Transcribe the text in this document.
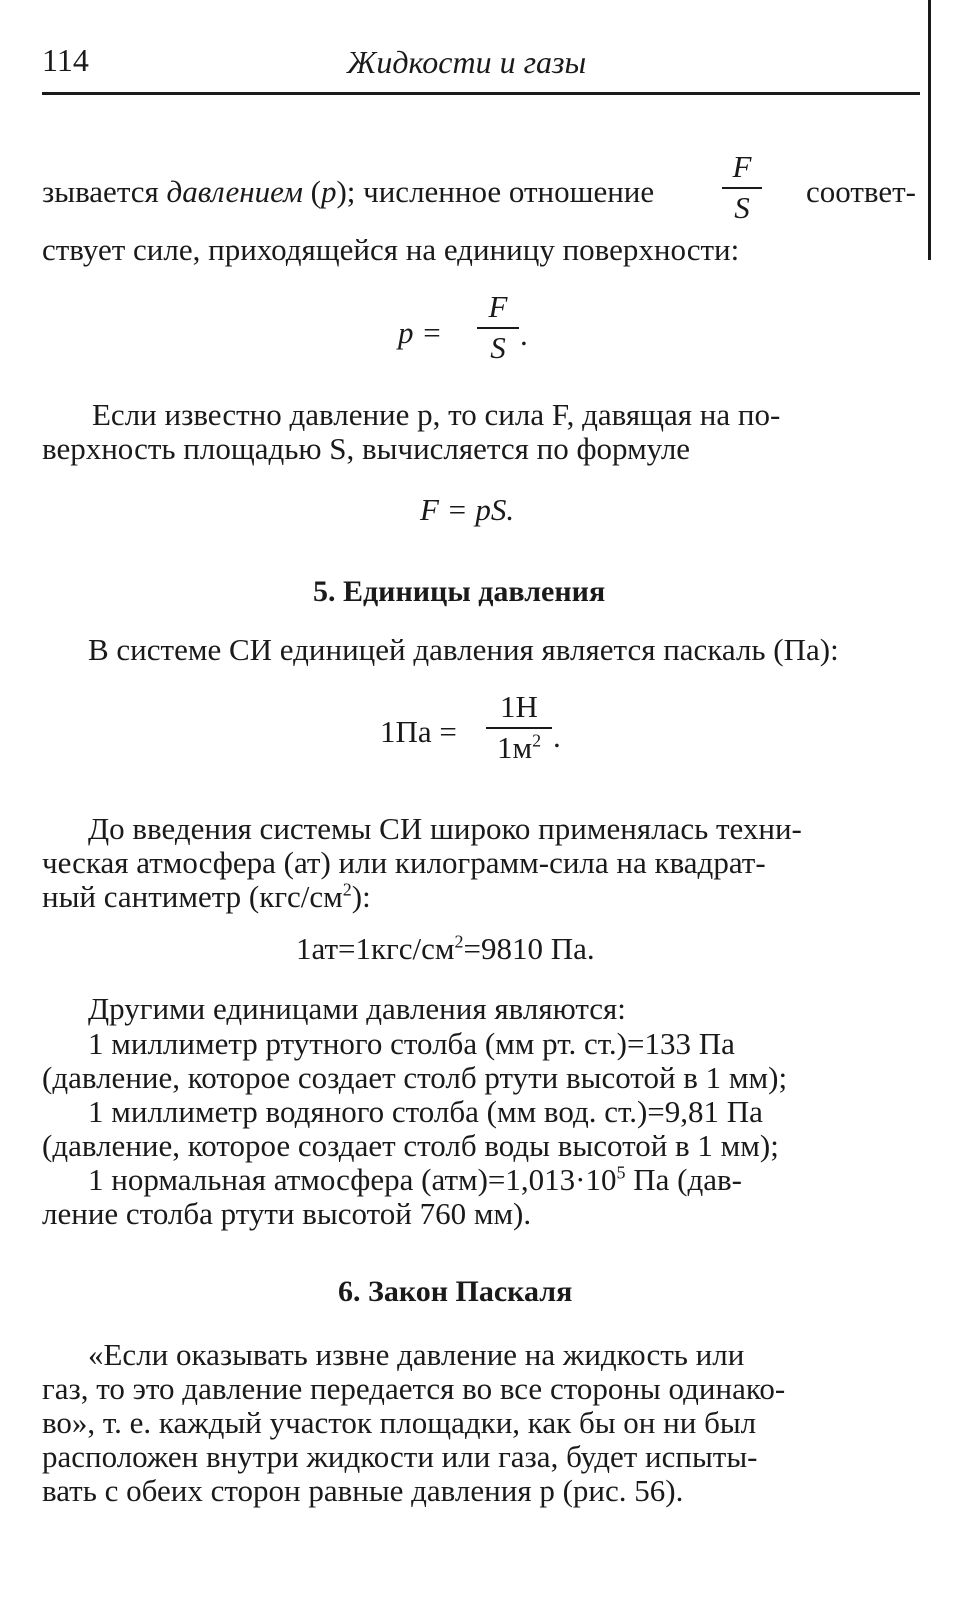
114	Жидкости и газы
зывается давлением (p); численное отношение
F
S	соответ-
ствует силе, приходящейся на единицу поверхности:
p =
F
S .
Если известно давление p, то сила F, давящая на по-
верхность площадью S, вычисляется по формуле
F = pS.
5. Единицы давления
В системе СИ единицей давления является паскаль (Па):
1Па =
1Н
$1м^2$ .
До введения системы СИ широко применялась техни-
ческая атмосфера (ат) или килограмм-сила на квадрат-
ный сантиметр $(кгс/см^2)$:
$1ат=1кгс/см^2=9810$ Па.
Другими единицами давления являются:
1 миллиметр ртутного столба (мм рт. ст.)=133 Па
(давление, которое создает столб ртути высотой в 1 мм);
1 миллиметр водяного столба (мм вод. ст.)=9,81 Па
(давление, которое создает столб воды высотой в 1 мм);
1 нормальная атмосфера $(атм)=1,013\cdot 10^5$ Па (дав-
ление столба ртути высотой 760 мм).
6. Закон Паскаля
«Если оказывать извне давление на жидкость или
газ, то это давление передается во все стороны одинако-
во», т. е. каждый участок площадки, как бы он ни был
расположен внутри жидкости или газа, будет испыты-
вать с обеих сторон равные давления p (рис. 56).
